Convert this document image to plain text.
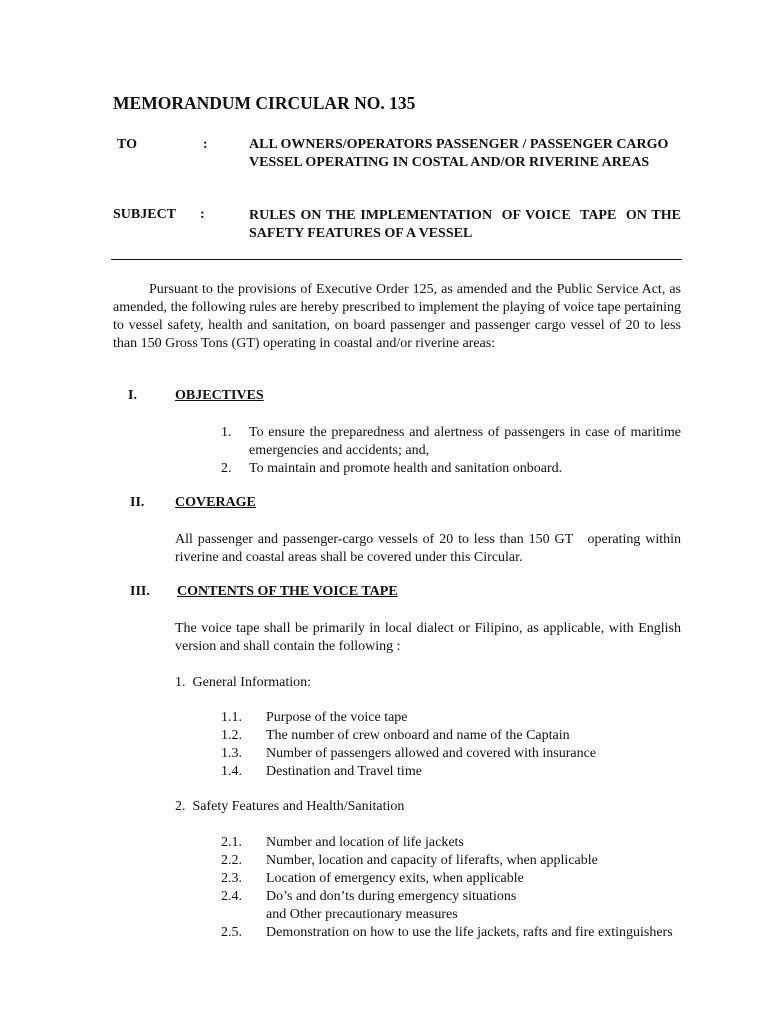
MEMORANDUM CIRCULAR NO. 135
TO	:	ALL OWNERS/OPERATORS PASSENGER / PASSENGER CARGO VESSEL OPERATING IN COSTAL AND/OR RIVERINE AREAS
SUBJECT :	RULES ON THE IMPLEMENTATION  OF VOICE  TAPE  ON THE    SAFETY FEATURES OF A VESSEL
Pursuant to the provisions of Executive Order 125, as amended and the Public Service Act, as amended, the following rules are hereby prescribed to implement the playing of voice tape pertaining to vessel safety, health and sanitation, on board passenger and passenger cargo vessel of 20 to less than 150 Gross Tons (GT) operating in coastal and/or riverine areas:
I.	OBJECTIVES
1.	To ensure the preparedness and alertness of passengers in case of maritime emergencies and accidents; and,
2.	To maintain and promote health and sanitation onboard.
II. COVERAGE
All passenger and passenger-cargo vessels of 20 to less than 150 GT   operating within riverine and coastal areas shall be covered under this Circular.
III. CONTENTS OF THE VOICE TAPE
The voice tape shall be primarily in local dialect or Filipino, as applicable, with English version and shall contain the following :
1.  General Information:
1.1.	Purpose of the voice tape
1.2.	The number of crew onboard and name of the Captain
1.3.	Number of passengers allowed and covered with insurance
1.4.	Destination and Travel time
2.  Safety Features and Health/Sanitation
2.1.	Number and location of life jackets
2.2.	Number, location and capacity of liferafts, when applicable
2.3.	Location of emergency exits, when applicable
2.4.	Do’s and don’ts during emergency situations and Other precautionary measures
2.5.	Demonstration on how to use the life jackets, rafts and fire extinguishers
